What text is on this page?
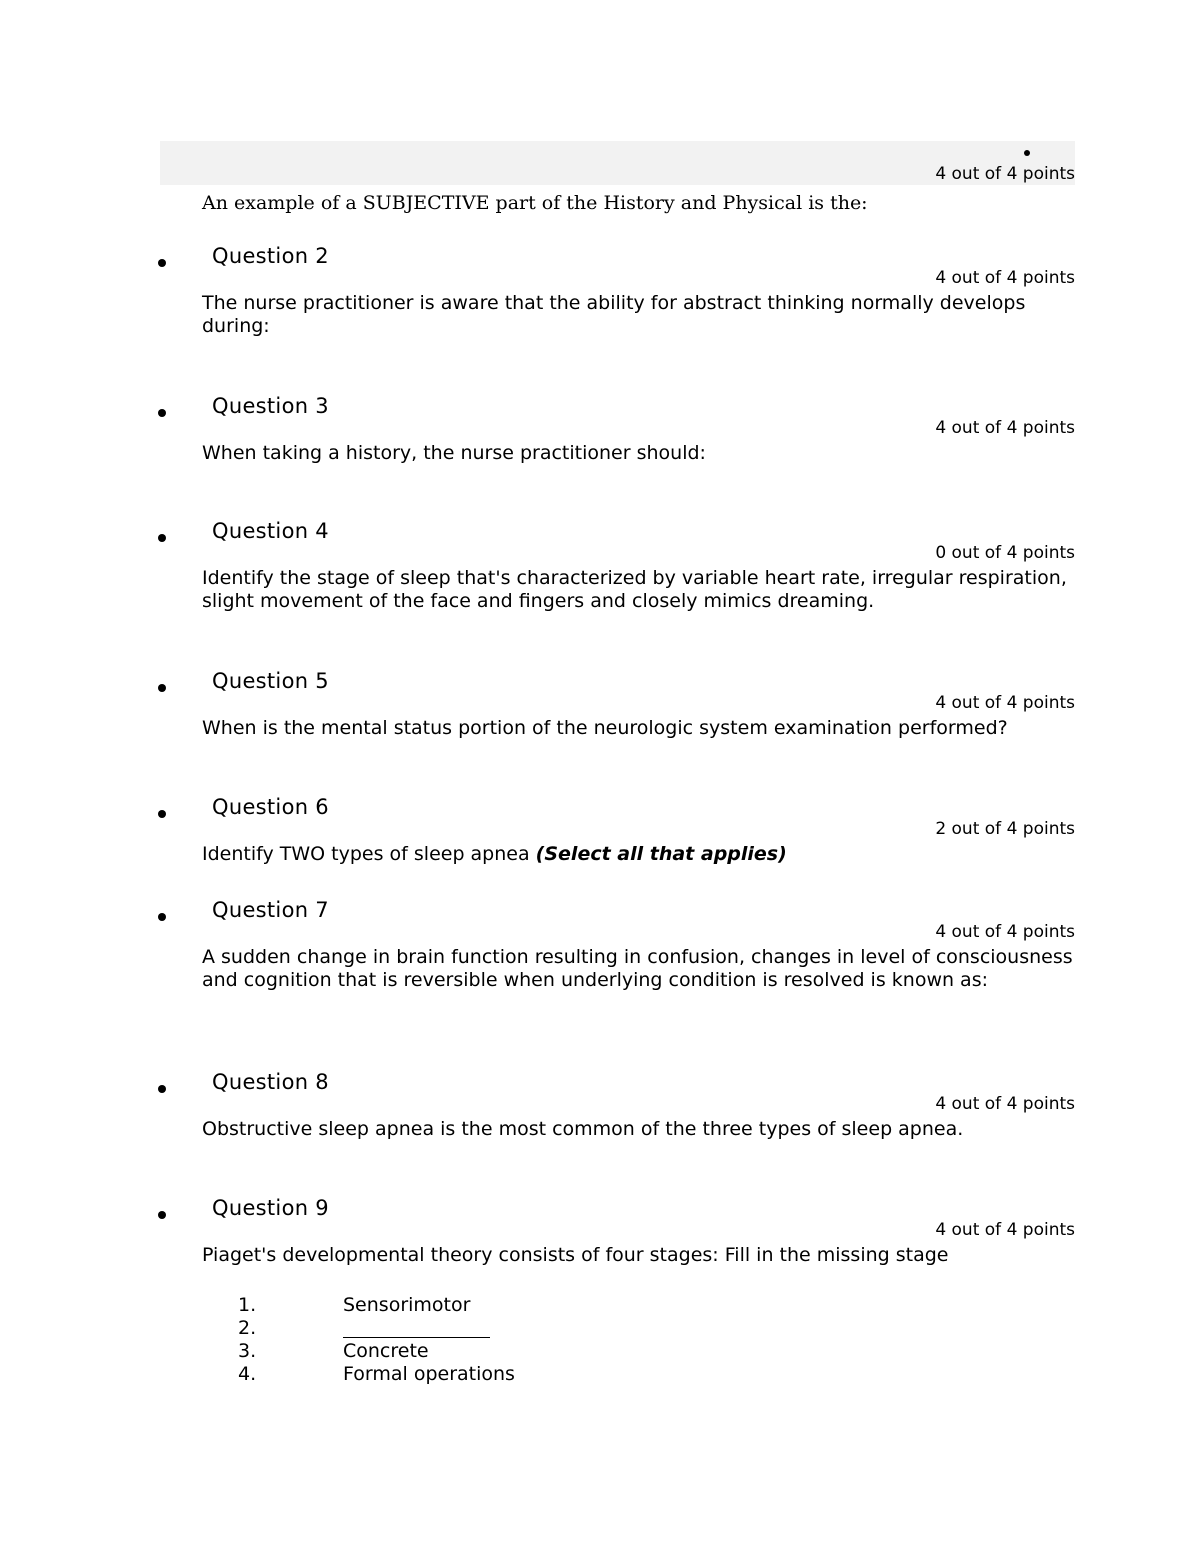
4 out of 4 points
An example of a SUBJECTIVE part of the History and Physical is the:
Question 2
4 out of 4 points
The nurse practitioner is aware that the ability for abstract thinking normally develops during:
Question 3
4 out of 4 points
When taking a history, the nurse practitioner should:
Question 4
0 out of 4 points
Identify the stage of sleep that's characterized by variable heart rate, irregular respiration, slight movement of the face and fingers and closely mimics dreaming.
Question 5
4 out of 4 points
When is the mental status portion of the neurologic system examination performed?
Question 6
2 out of 4 points
Identify TWO types of sleep apnea (Select all that applies)
Question 7
4 out of 4 points
A sudden change in brain function resulting in confusion, changes in level of consciousness and cognition that is reversible when underlying condition is resolved is known as:
Question 8
4 out of 4 points
Obstructive sleep apnea is the most common of the three types of sleep apnea.
Question 9
4 out of 4 points
Piaget's developmental theory consists of four stages: Fill in the missing stage
1.	Sensorimotor
2.
3.	Concrete
4.	Formal operations
